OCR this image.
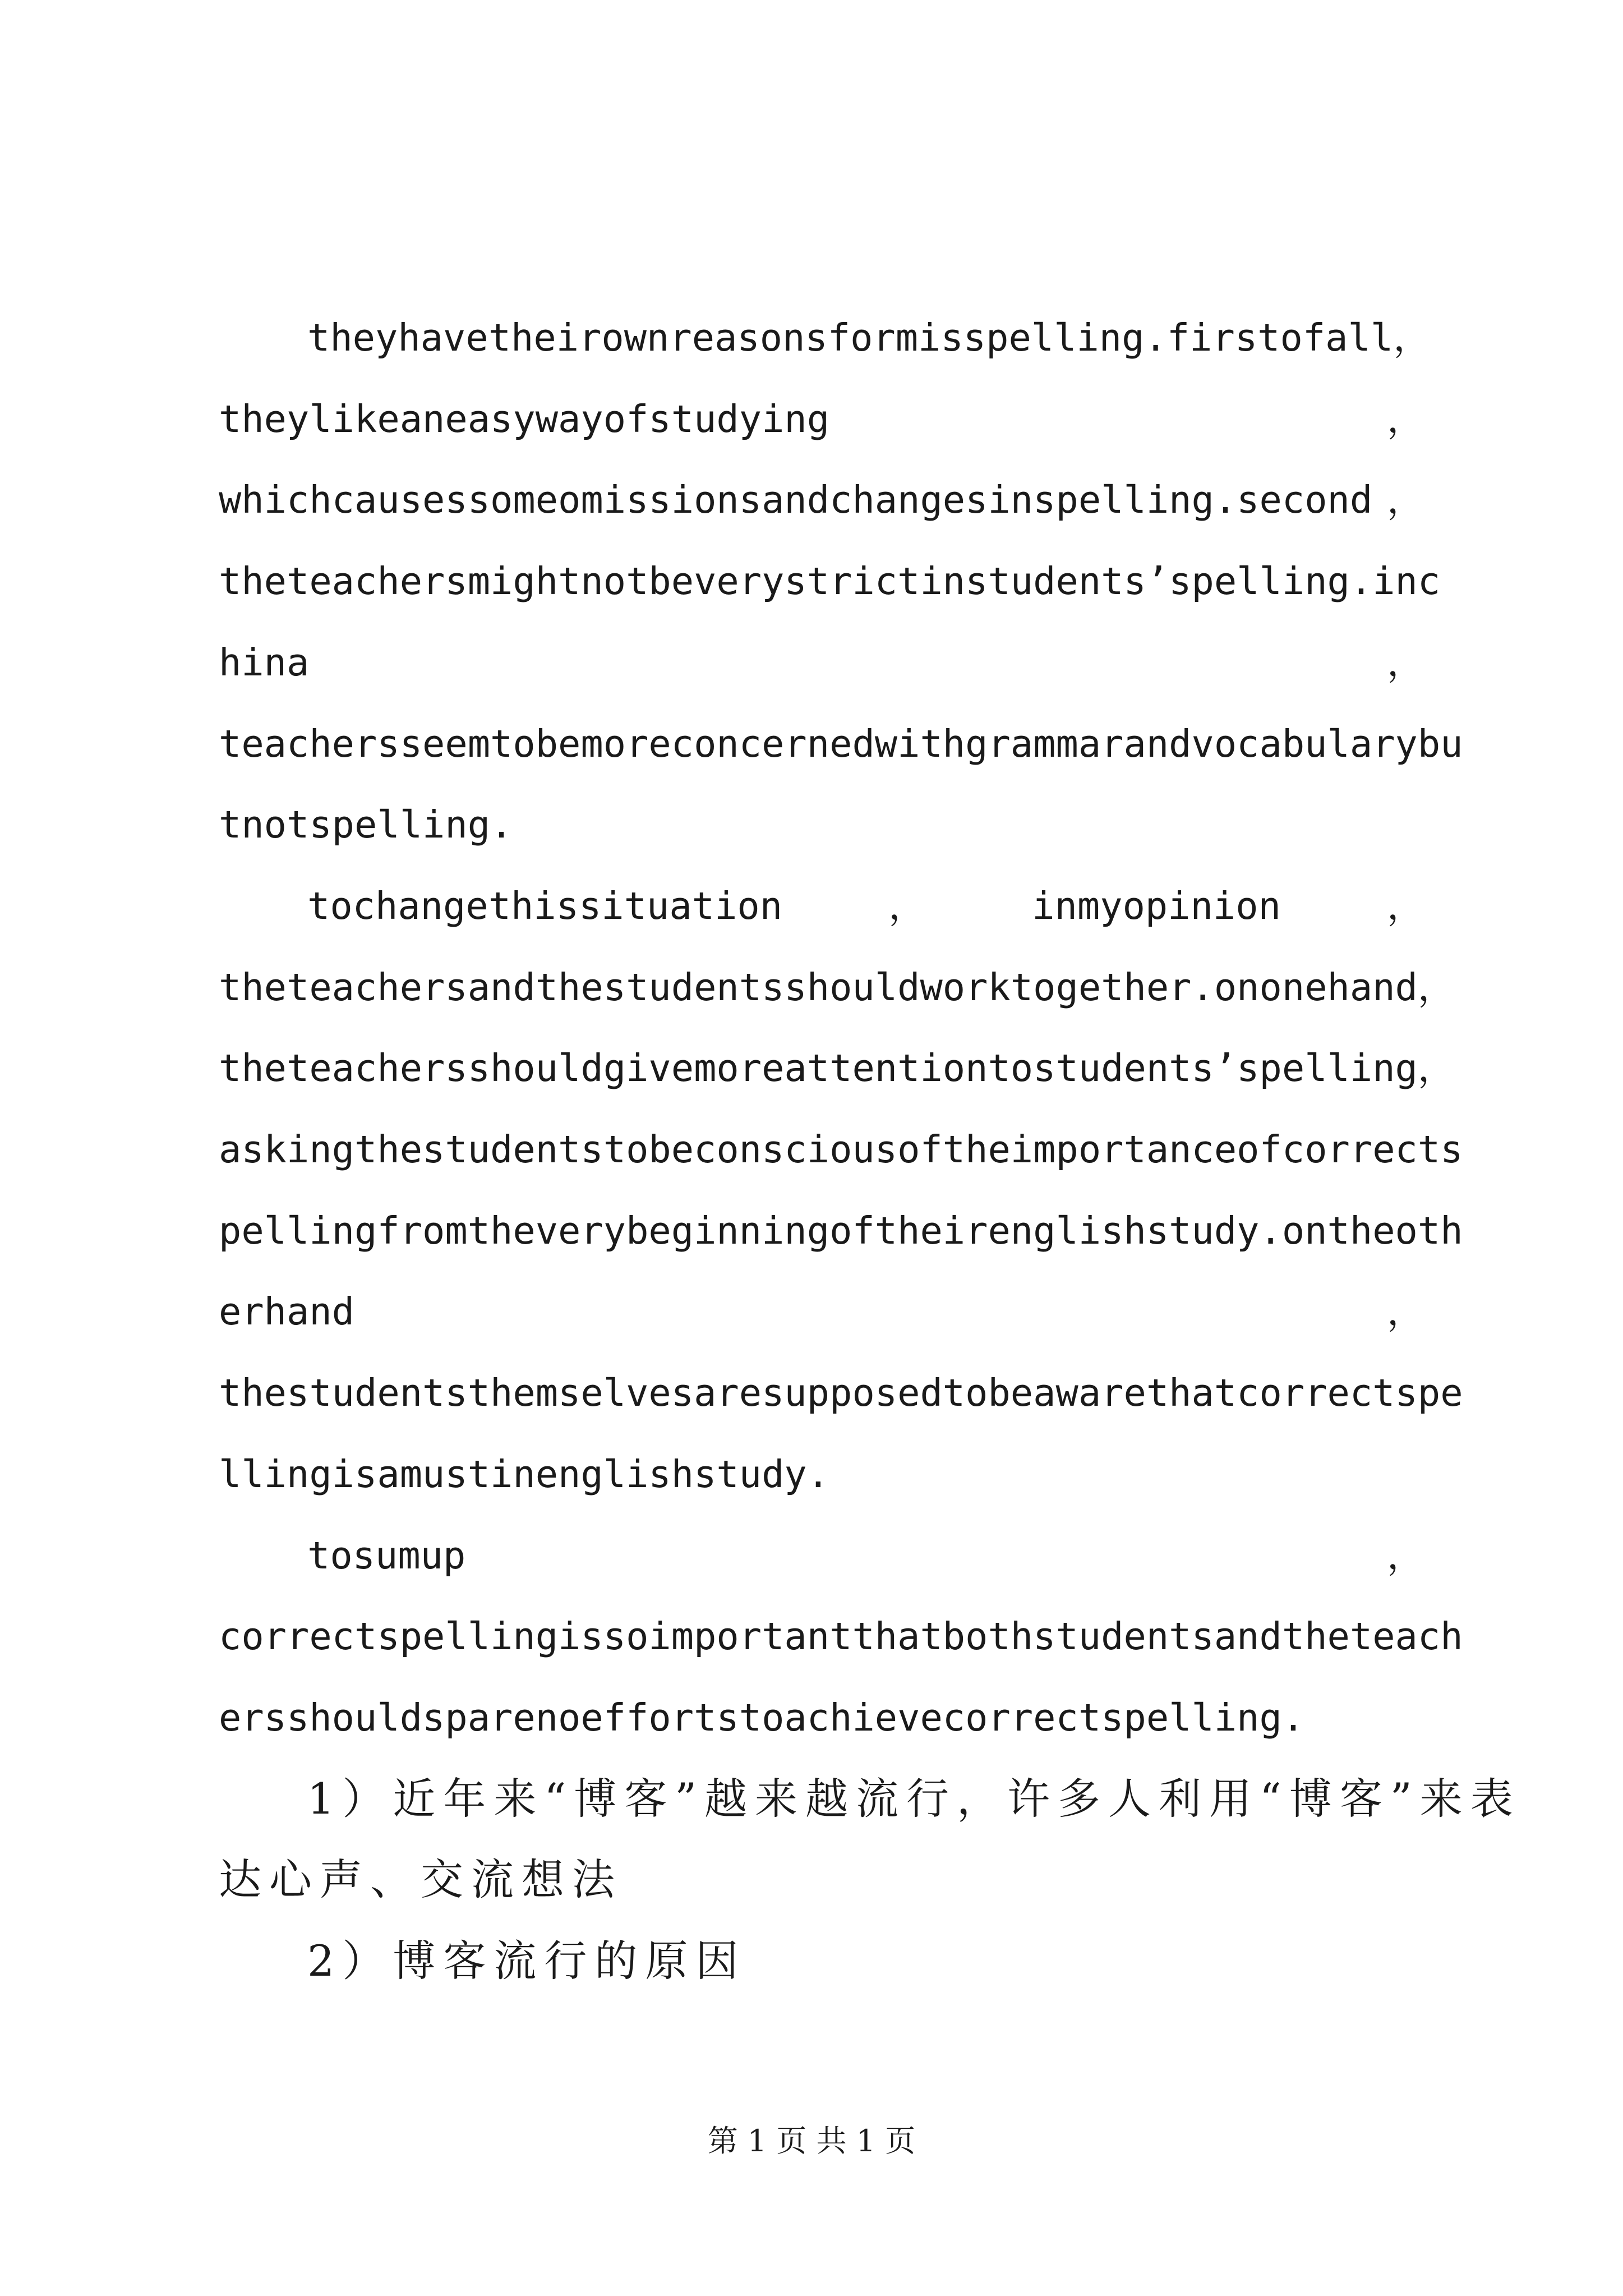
theyhavetheirownreasonsformisspelling.firstofall ，
theylikeaneasywayofstudying	，
whichcausessomeomissionsandchangesinspelling.second ，
theteachersmightnotbeverystrictinstudents’spelling.inc
hina	，
teachersseemtobemoreconcernedwithgrammarandvocabularybu
tnotspelling.
tochangethissituation	，	inmyopinion	，
theteachersandthestudentsshouldworktogether.ononehand，
theteachersshouldgivemoreattentiontostudents’spelling，
askingthestudentstobeconsciousoftheimportanceofcorrects
pellingfromtheverybeginningoftheirenglishstudy.ontheoth
erhand	，
thestudentsthemselvesaresupposedtobeawarethatcorrectspe
llingisamustinenglishstudy.
tosumup	，
correctspellingissoimportantthatbothstudentsandtheteach
ersshouldsparenoeffortstoachievecorrectspelling.
1）近年来“博客”越来越流行，许多人利用“博客”来表
达心声、交流想法
2）博客流行的原因
第 1 页 共 1 页
